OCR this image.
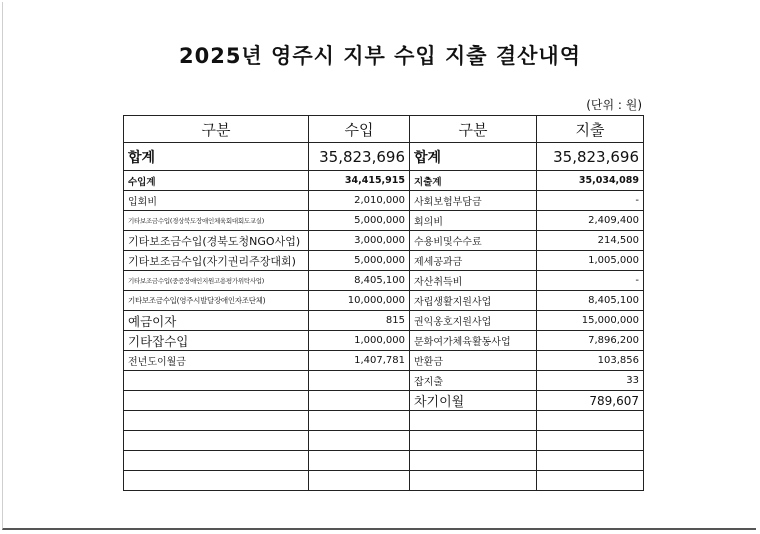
2025년 영주시 지부 수입 지출 결산내역
(단위 : 원)
구분	수입	구분	지출
합계	35,823,696	합계	35,823,696
수입계	34,415,915	지출계	35,034,089
입회비	2,010,000	사회보험부담금	-
기타보조금수입(경상북도장애인체육회대회도교실)	5,000,000	회의비	2,409,400
기타보조금수입(경북도청NGO사업)	3,000,000	수용비및수수료	214,500
기타보조금수입(자기권리주장대회)	5,000,000	제세공과금	1,005,000
기타보조금수입(중증장애인지원고용평가위탁사업)	8,405,100	자산취득비	-
기타보조금수입(영주시발달장애인자조단체)	10,000,000	자립생활지원사업	8,405,100
예금이자	815	권익옹호지원사업	15,000,000
기타잡수입	1,000,000	문화여가체육활동사업	7,896,200
전년도이월금	1,407,781	반환금	103,856
		잡지출	33
		차기이월	789,607
